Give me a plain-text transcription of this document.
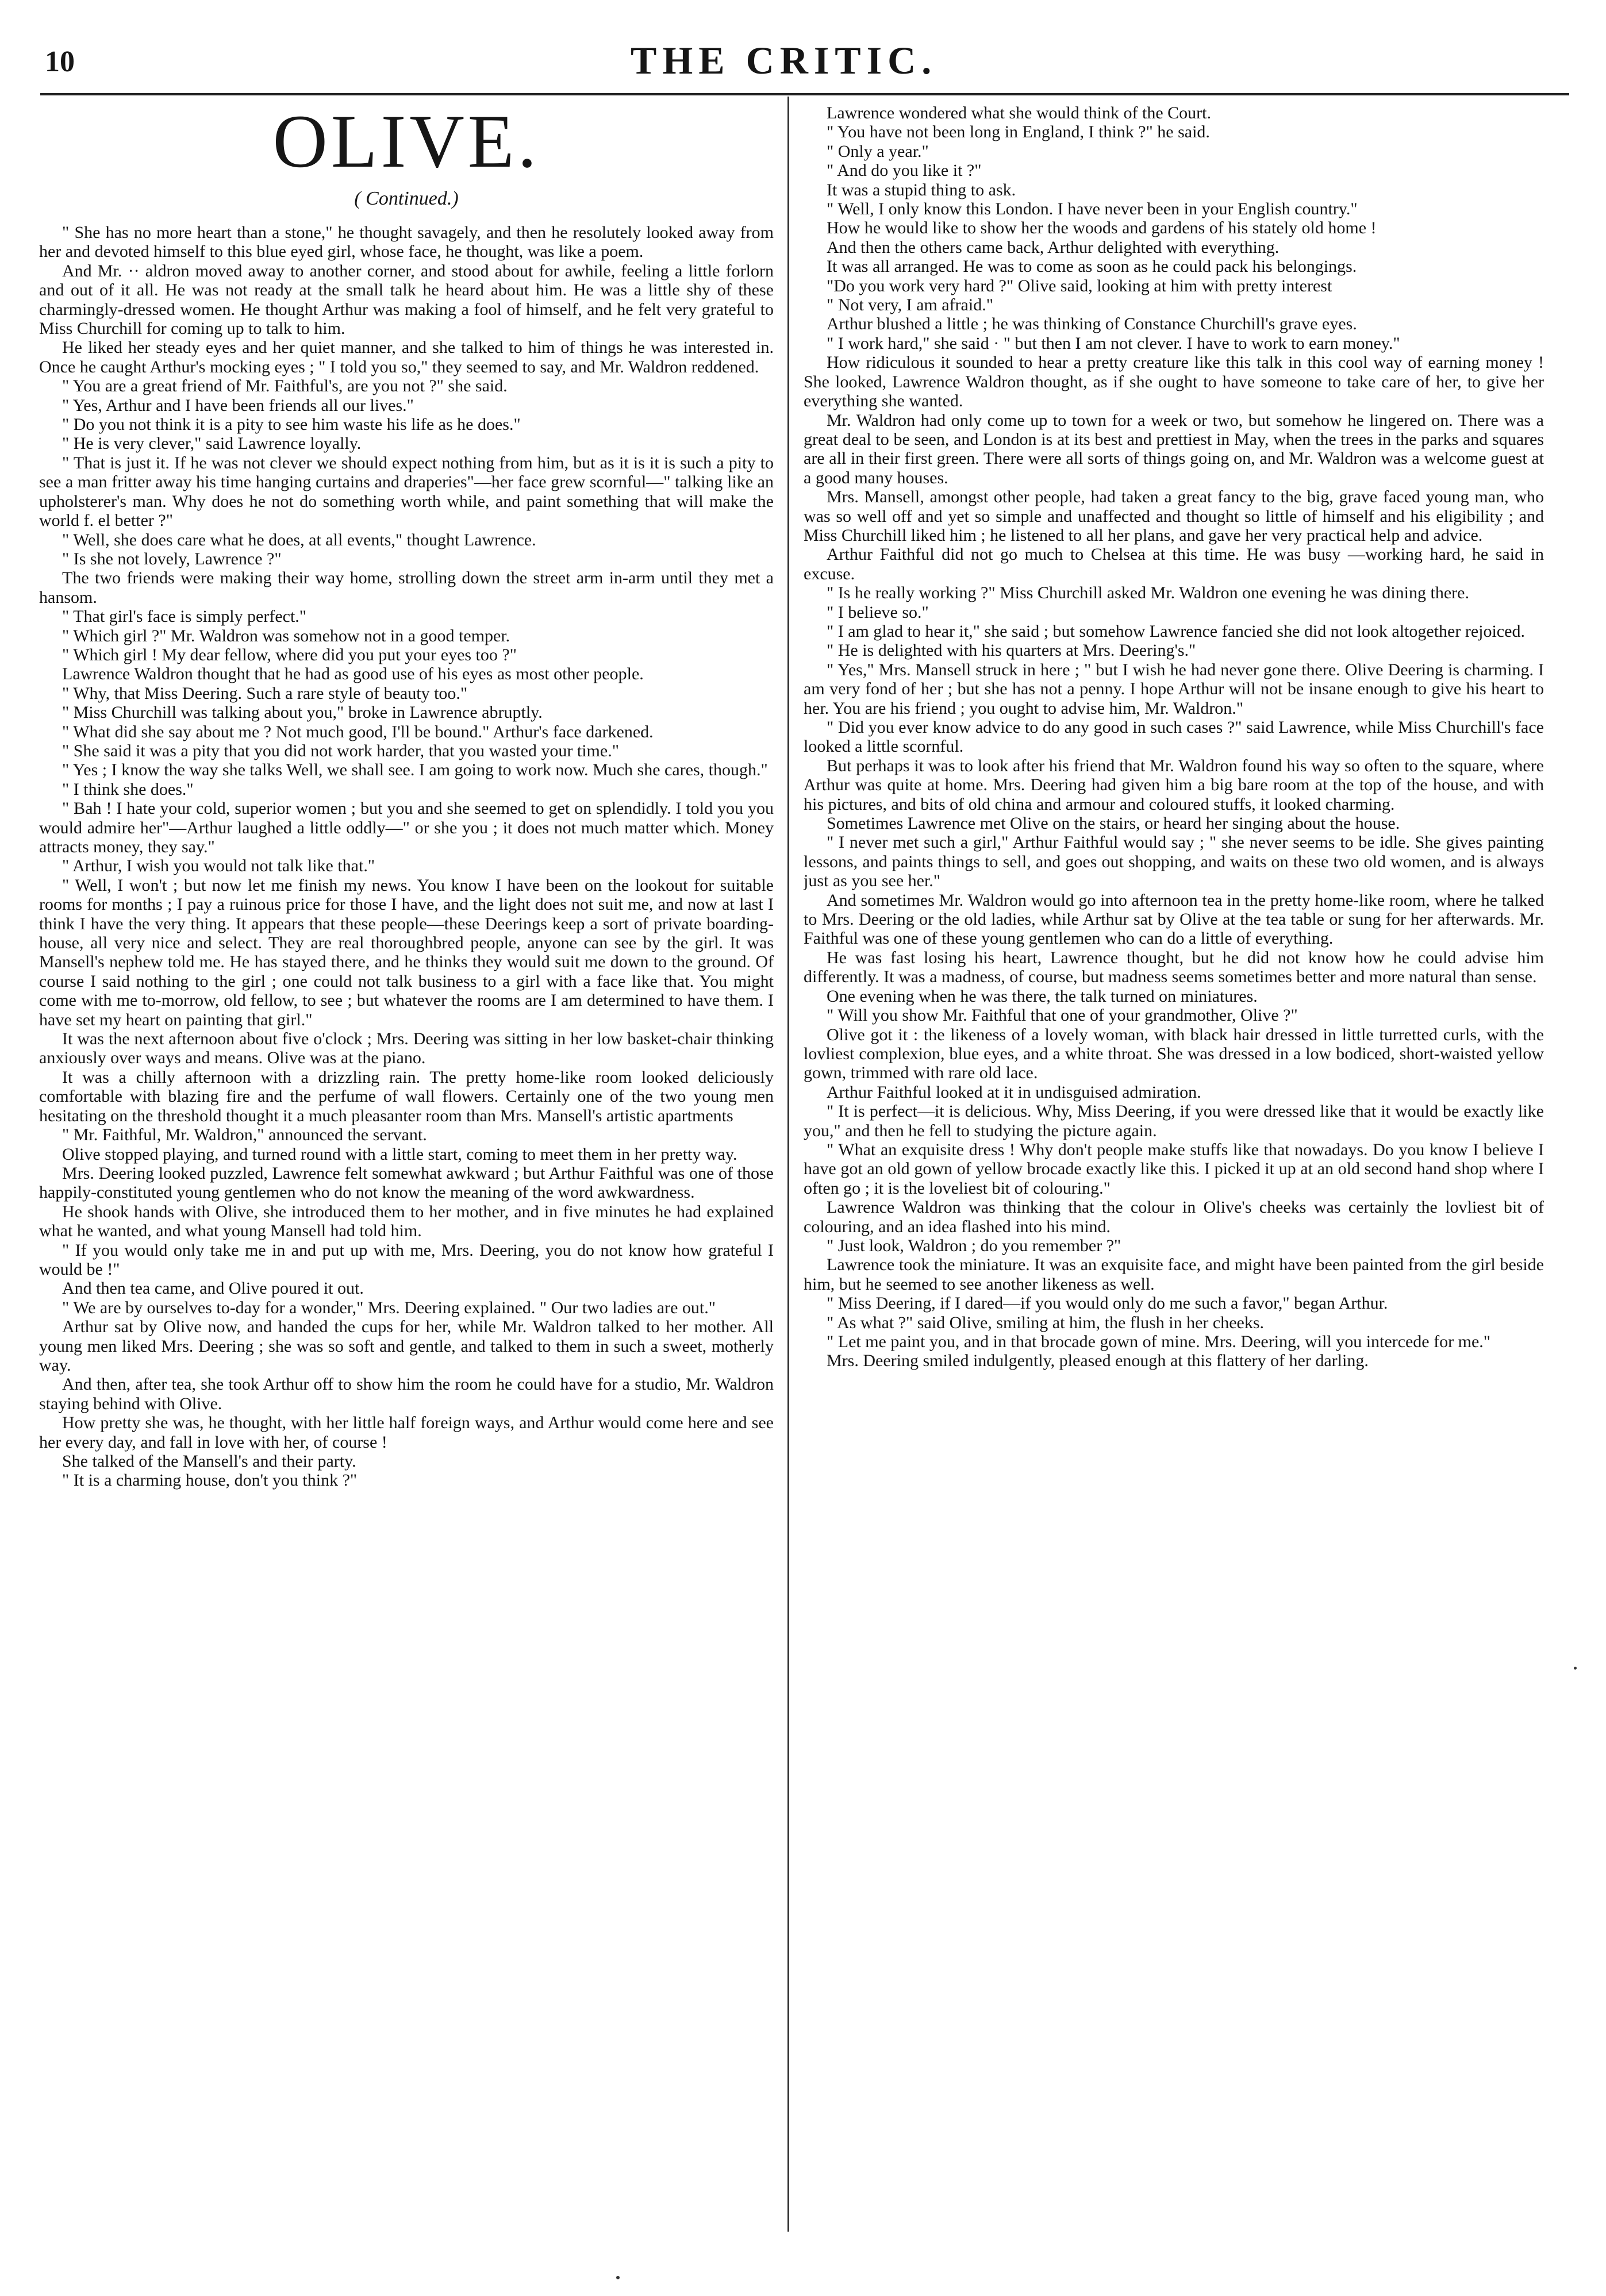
10	THE CRITIC.
OLIVE.
( Continued.)

" She has no more heart than a stone," he thought savagely, and then he resolutely looked away from her and devoted himself to this blue eyed girl, whose face, he thought, was like a poem.

And Mr. ·· aldron moved away to another corner, and stood about for awhile, feeling a little forlorn and out of it all. He was not ready at the small talk he heard about him. He was a little shy of these charmingly-dressed women. He thought Arthur was making a fool of himself, and he felt very grateful to Miss Churchill for coming up to talk to him.

He liked her steady eyes and her quiet manner, and she talked to him of things he was interested in. Once he caught Arthur's mocking eyes ; " I told you so," they seemed to say, and Mr. Waldron reddened.

" You are a great friend of Mr. Faithful's, are you not ?" she said.

" Yes, Arthur and I have been friends all our lives."

" Do you not think it is a pity to see him waste his life as he does."

" He is very clever," said Lawrence loyally.

" That is just it. If he was not clever we should expect nothing from him, but as it is it is such a pity to see a man fritter away his time hanging curtains and draperies"—her face grew scornful—" talking like an upholsterer's man. Why does he not do something worth while, and paint something that will make the world f. el better ?"

" Well, she does care what he does, at all events," thought Lawrence.

" Is she not lovely, Lawrence ?"

The two friends were making their way home, strolling down the street arm in-arm until they met a hansom.

" That girl's face is simply perfect."

" Which girl ?" Mr. Waldron was somehow not in a good temper.

" Which girl ! My dear fellow, where did you put your eyes too ?"

Lawrence Waldron thought that he had as good use of his eyes as most other people.

" Why, that Miss Deering. Such a rare style of beauty too."

" Miss Churchill was talking about you," broke in Lawrence abruptly.

" What did she say about me ? Not much good, I'll be bound." Arthur's face darkened.

" She said it was a pity that you did not work harder, that you wasted your time."

" Yes ; I know the way she talks Well, we shall see. I am going to work now. Much she cares, though."

" I think she does."

" Bah ! I hate your cold, superior women ; but you and she seemed to get on splendidly. I told you you would admire her"—Arthur laughed a little oddly—" or she you ; it does not much matter which. Money attracts money, they say."

" Arthur, I wish you would not talk like that."

" Well, I won't ; but now let me finish my news. You know I have been on the lookout for suitable rooms for months ; I pay a ruinous price for those I have, and the light does not suit me, and now at last I think I have the very thing. It appears that these people—these Deerings keep a sort of private boarding-house, all very nice and select. They are real thoroughbred people, anyone can see by the girl. It was Mansell's nephew told me. He has stayed there, and he thinks they would suit me down to the ground. Of course I said nothing to the girl ; one could not talk business to a girl with a face like that. You might come with me to-morrow, old fellow, to see ; but whatever the rooms are I am determined to have them. I have set my heart on painting that girl."

It was the next afternoon about five o'clock ; Mrs. Deering was sitting in her low basket-chair thinking anxiously over ways and means. Olive was at the piano.

It was a chilly afternoon with a drizzling rain. The pretty home-like room looked deliciously comfortable with blazing fire and the perfume of wall flowers. Certainly one of the two young men hesitating on the threshold thought it a much pleasanter room than Mrs. Mansell's artistic apartments

" Mr. Faithful, Mr. Waldron," announced the servant.

Olive stopped playing, and turned round with a little start, coming to meet them in her pretty way.

Mrs. Deering looked puzzled, Lawrence felt somewhat awkward ; but Arthur Faithful was one of those happily-constituted young gentlemen who do not know the meaning of the word awkwardness.

He shook hands with Olive, she introduced them to her mother, and in five minutes he had explained what he wanted, and what young Mansell had told him.

" If you would only take me in and put up with me, Mrs. Deering, you do not know how grateful I would be !"

And then tea came, and Olive poured it out.

" We are by ourselves to-day for a wonder," Mrs. Deering explained. " Our two ladies are out."

Arthur sat by Olive now, and handed the cups for her, while Mr. Waldron talked to her mother. All young men liked Mrs. Deering ; she was so soft and gentle, and talked to them in such a sweet, motherly way.

And then, after tea, she took Arthur off to show him the room he could have for a studio, Mr. Waldron staying behind with Olive.

How pretty she was, he thought, with her little half foreign ways, and Arthur would come here and see her every day, and fall in love with her, of course !

She talked of the Mansell's and their party.

" It is a charming house, don't you think ?"

Lawrence wondered what she would think of the Court.

" You have not been long in England, I think ?" he said.

" Only a year."

" And do you like it ?"

It was a stupid thing to ask.

" Well, I only know this London. I have never been in your English country."

How he would like to show her the woods and gardens of his stately old home !

And then the others came back, Arthur delighted with everything.

It was all arranged. He was to come as soon as he could pack his belongings.

"Do you work very hard ?" Olive said, looking at him with pretty interest

" Not very, I am afraid."

Arthur blushed a little ; he was thinking of Constance Churchill's grave eyes.

" I work hard," she said · " but then I am not clever. I have to work to earn money."

How ridiculous it sounded to hear a pretty creature like this talk in this cool way of earning money ! She looked, Lawrence Waldron thought, as if she ought to have someone to take care of her, to give her everything she wanted.

Mr. Waldron had only come up to town for a week or two, but somehow he lingered on. There was a great deal to be seen, and London is at its best and prettiest in May, when the trees in the parks and squares are all in their first green. There were all sorts of things going on, and Mr. Waldron was a welcome guest at a good many houses.

Mrs. Mansell, amongst other people, had taken a great fancy to the big, grave faced young man, who was so well off and yet so simple and unaffected and thought so little of himself and his eligibility ; and Miss Churchill liked him ; he listened to all her plans, and gave her very practical help and advice.

Arthur Faithful did not go much to Chelsea at this time. He was busy —working hard, he said in excuse.

" Is he really working ?" Miss Churchill asked Mr. Waldron one evening he was dining there.

" I believe so."

" I am glad to hear it," she said ; but somehow Lawrence fancied she did not look altogether rejoiced.

" He is delighted with his quarters at Mrs. Deering's."

" Yes," Mrs. Mansell struck in here ; " but I wish he had never gone there. Olive Deering is charming. I am very fond of her ; but she has not a penny. I hope Arthur will not be insane enough to give his heart to her. You are his friend ; you ought to advise him, Mr. Waldron."

" Did you ever know advice to do any good in such cases ?" said Lawrence, while Miss Churchill's face looked a little scornful.

But perhaps it was to look after his friend that Mr. Waldron found his way so often to the square, where Arthur was quite at home. Mrs. Deering had given him a big bare room at the top of the house, and with his pictures, and bits of old china and armour and coloured stuffs, it looked charming.

Sometimes Lawrence met Olive on the stairs, or heard her singing about the house.

" I never met such a girl," Arthur Faithful would say ; " she never seems to be idle. She gives painting lessons, and paints things to sell, and goes out shopping, and waits on these two old women, and is always just as you see her."

And sometimes Mr. Waldron would go into afternoon tea in the pretty home-like room, where he talked to Mrs. Deering or the old ladies, while Arthur sat by Olive at the tea table or sung for her afterwards. Mr. Faithful was one of these young gentlemen who can do a little of everything.

He was fast losing his heart, Lawrence thought, but he did not know how he could advise him differently. It was a madness, of course, but madness seems sometimes better and more natural than sense.

One evening when he was there, the talk turned on miniatures.

" Will you show Mr. Faithful that one of your grandmother, Olive ?"

Olive got it : the likeness of a lovely woman, with black hair dressed in little turretted curls, with the lovliest complexion, blue eyes, and a white throat. She was dressed in a low bodiced, short-waisted yellow gown, trimmed with rare old lace.

Arthur Faithful looked at it in undisguised admiration.

" It is perfect—it is delicious. Why, Miss Deering, if you were dressed like that it would be exactly like you," and then he fell to studying the picture again.

" What an exquisite dress ! Why don't people make stuffs like that nowadays. Do you know I believe I have got an old gown of yellow brocade exactly like this. I picked it up at an old second hand shop where I often go ; it is the loveliest bit of colouring."

Lawrence Waldron was thinking that the colour in Olive's cheeks was certainly the lovliest bit of colouring, and an idea flashed into his mind.

" Just look, Waldron ; do you remember ?"

Lawrence took the miniature. It was an exquisite face, and might have been painted from the girl beside him, but he seemed to see another likeness as well.

" Miss Deering, if I dared—if you would only do me such a favor," began Arthur.

" As what ?" said Olive, smiling at him, the flush in her cheeks.

" Let me paint you, and in that brocade gown of mine. Mrs. Deering, will you intercede for me."

Mrs. Deering smiled indulgently, pleased enough at this flattery of her darling.
